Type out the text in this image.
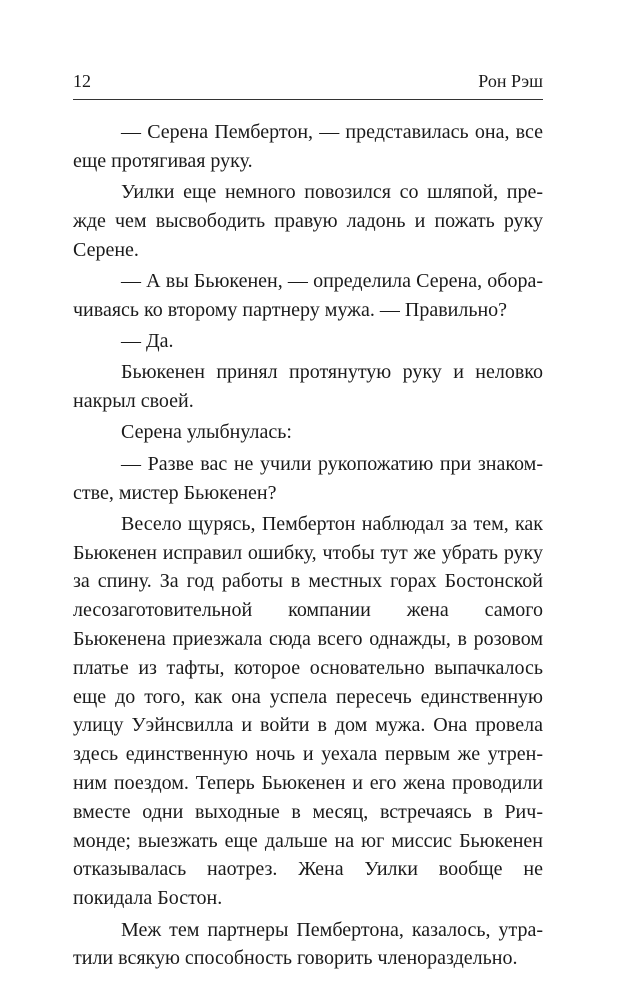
12	Рон Рэш

— Серена Пембертон, — представилась она, все еще протягивая руку.

Уилки еще немного повозился со шляпой, прежде чем высвободить правую ладонь и пожать руку Серене.

— А вы Бьюкенен, — определила Серена, оборачиваясь ко второму партнеру мужа. — Правильно?

— Да.

Бьюкенен принял протянутую руку и неловко накрыл своей.

Серена улыбнулась:

— Разве вас не учили рукопожатию при знакомстве, мистер Бьюкенен?

Весело щурясь, Пембертон наблюдал за тем, как Бьюкенен исправил ошибку, чтобы тут же убрать руку за спину. За год работы в местных горах Бостонской лесозаготовительной компании жена самого Бьюкенена приезжала сюда всего однажды, в розовом платье из тафты, которое основательно выпачкалось еще до того, как она успела пересечь единственную улицу Уэйнсвилла и войти в дом мужа. Она провела здесь единственную ночь и уехала первым же утренним поездом. Теперь Бьюкенен и его жена проводили вместе одни выходные в месяц, встречаясь в Ричмонде; выезжать еще дальше на юг миссис Бьюкенен отказывалась наотрез. Жена Уилки вообще не покидала Бостон.

Меж тем партнеры Пембертона, казалось, утратили всякую способность говорить членораздельно.
